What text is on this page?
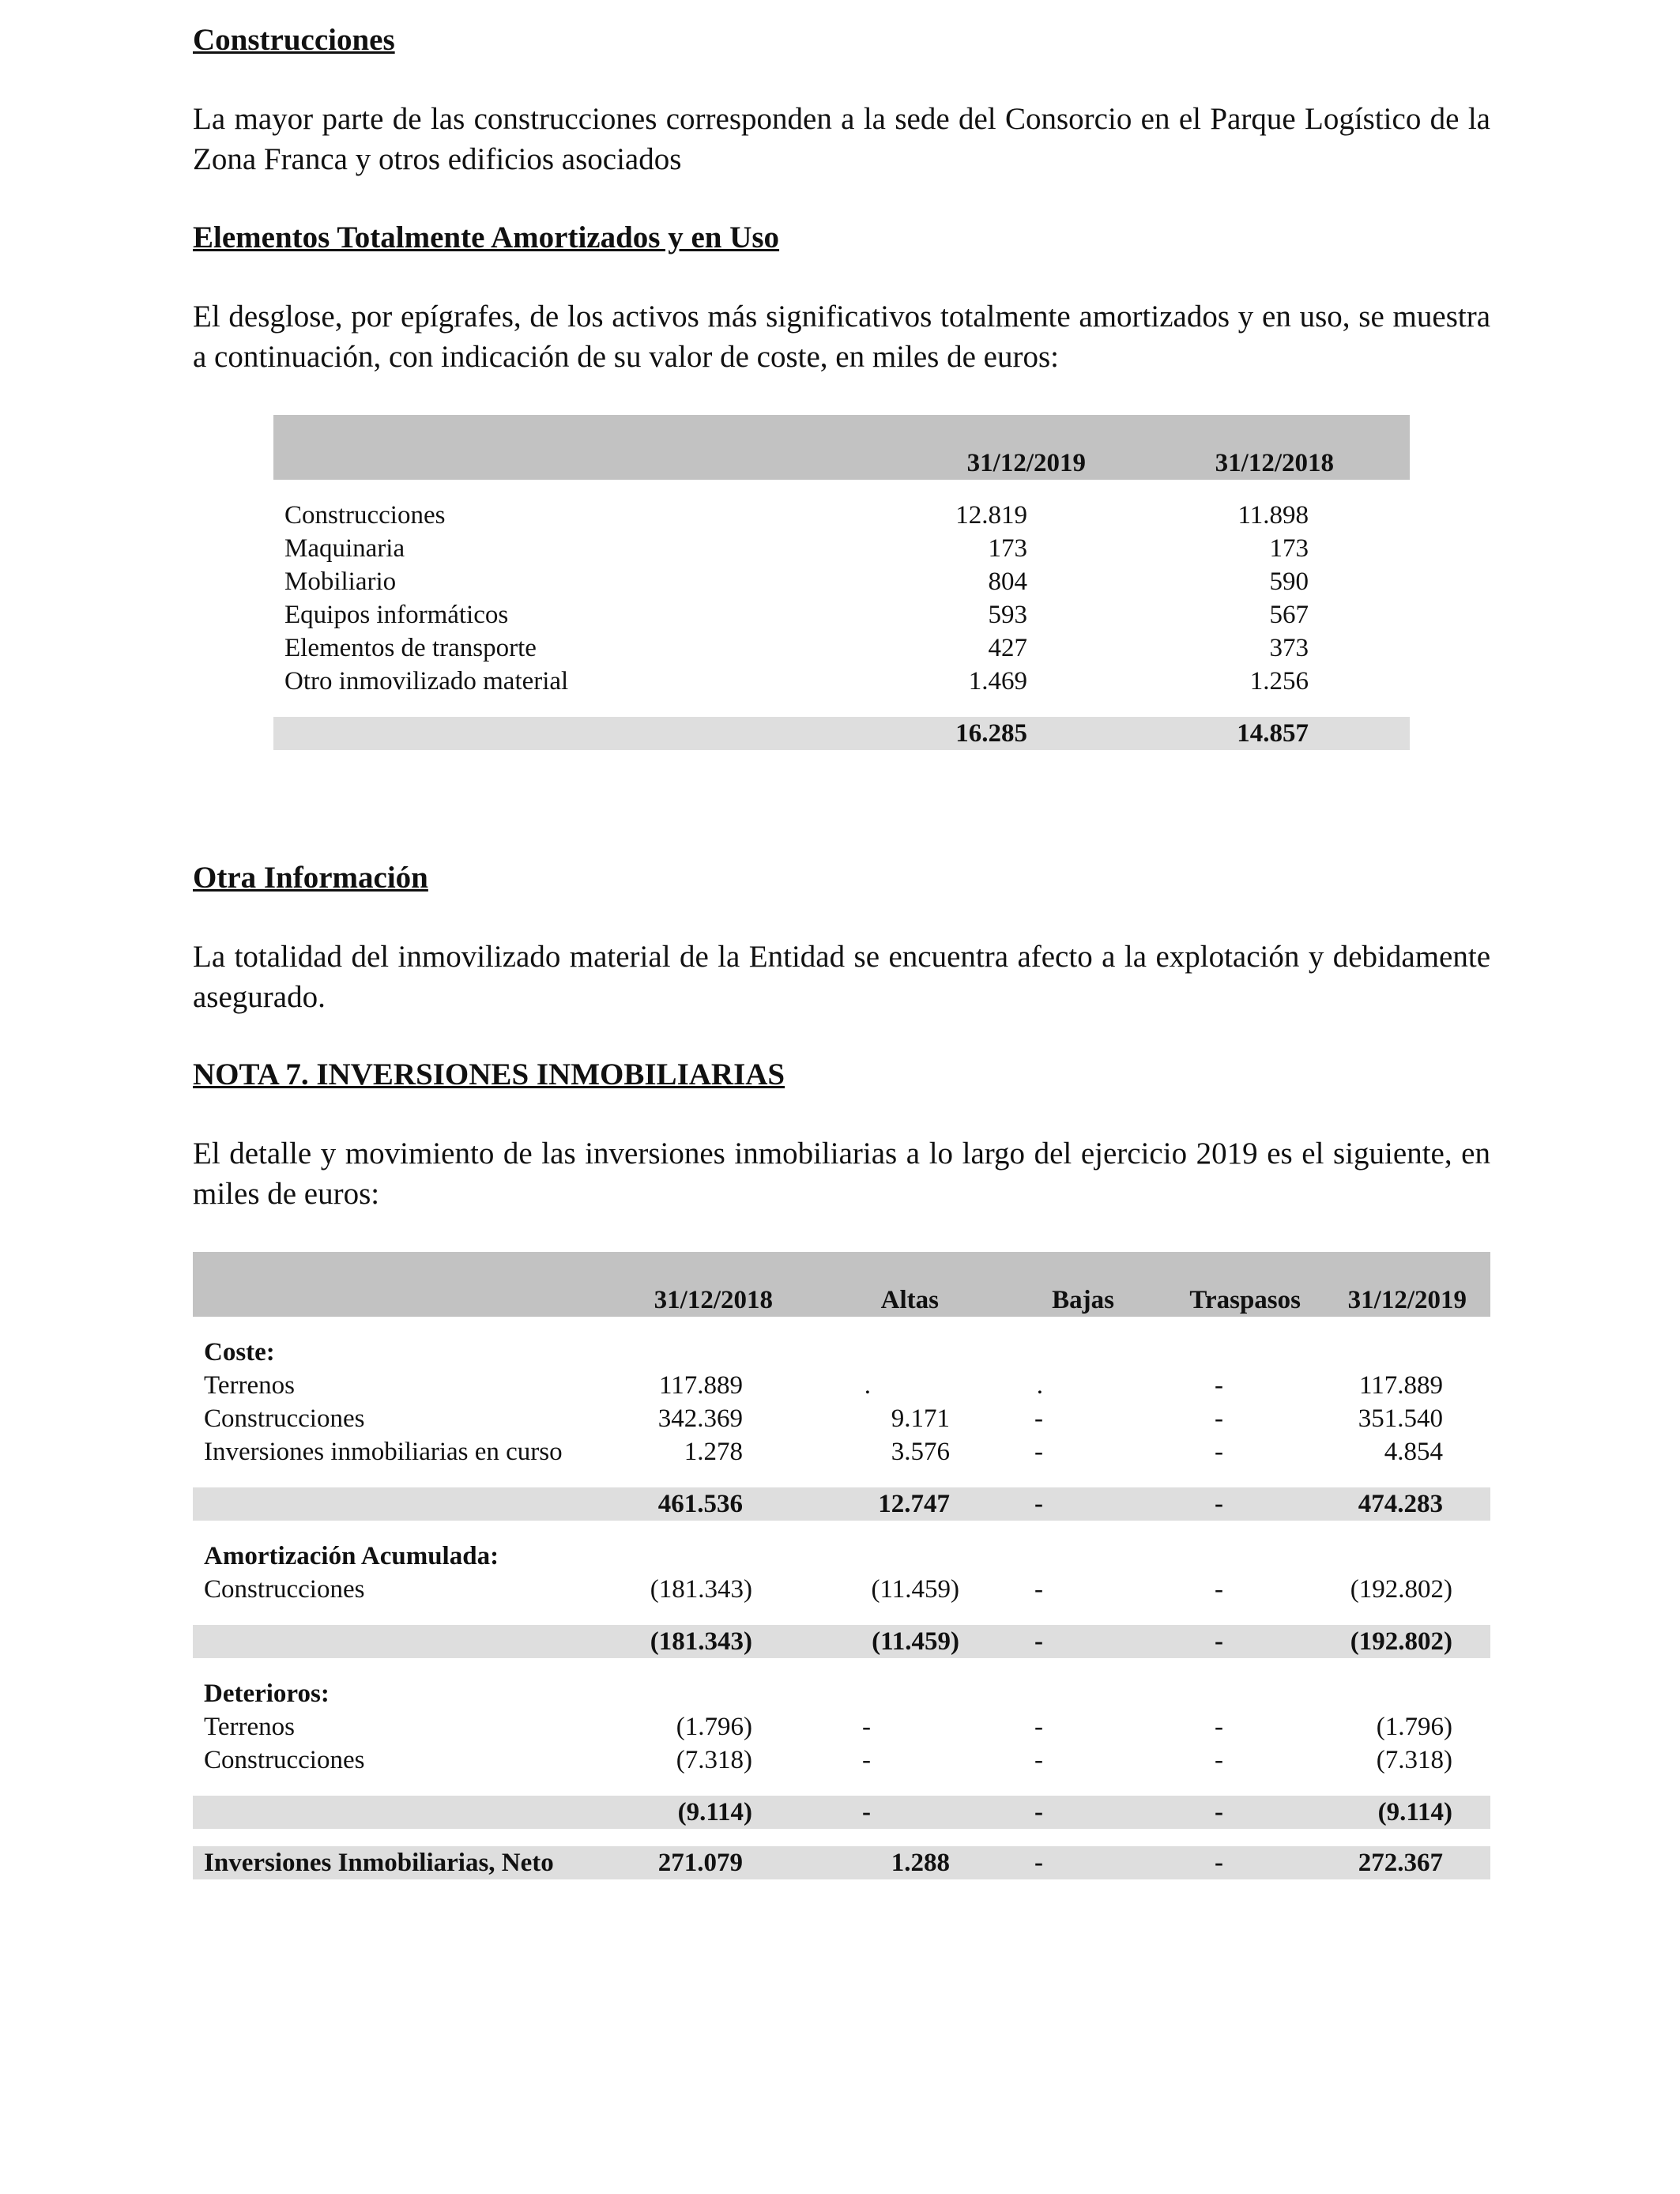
Construcciones

La mayor parte de las construcciones corresponden a la sede del Consorcio en el Parque Logístico de la Zona Franca y otros edificios asociados

Elementos Totalmente Amortizados y en Uso

El desglose, por epígrafes, de los activos más significativos totalmente amortizados y en uso, se muestra a continuación, con indicación de su valor de coste, en miles de euros:

	31/12/2019	31/12/2018

Construcciones	12.819	11.898
Maquinaria	173	173
Mobiliario	804	590
Equipos informáticos	593	567
Elementos de transporte	427	373
Otro inmovilizado material	1.469	1.256

	16.285	14.857
Otra Información

La totalidad del inmovilizado material de la Entidad se encuentra afecto a la explotación y debidamente asegurado.

NOTA 7. INVERSIONES INMOBILIARIAS

El detalle y movimiento de las inversiones inmobiliarias a lo largo del ejercicio 2019 es el siguiente, en miles de euros:

	31/12/2018	Altas	Bajas	Traspasos	31/12/2019

Coste:					
Terrenos	117.889	.	.	-	117.889
Construcciones	342.369	9.171	-	-	351.540
Inversiones inmobiliarias en curso	1.278	3.576	-	-	4.854

	461.536	12.747	-	-	474.283

Amortización Acumulada:					
Construcciones	(181.343)	(11.459)	-	-	(192.802)

	(181.343)	(11.459)	-	-	(192.802)

Deterioros:					
Terrenos	(1.796)	-	-	-	(1.796)
Construcciones	(7.318)	-	-	-	(7.318)

	(9.114)	-	-	-	(9.114)

Inversiones Inmobiliarias, Neto	271.079	1.288	-	-	272.367
